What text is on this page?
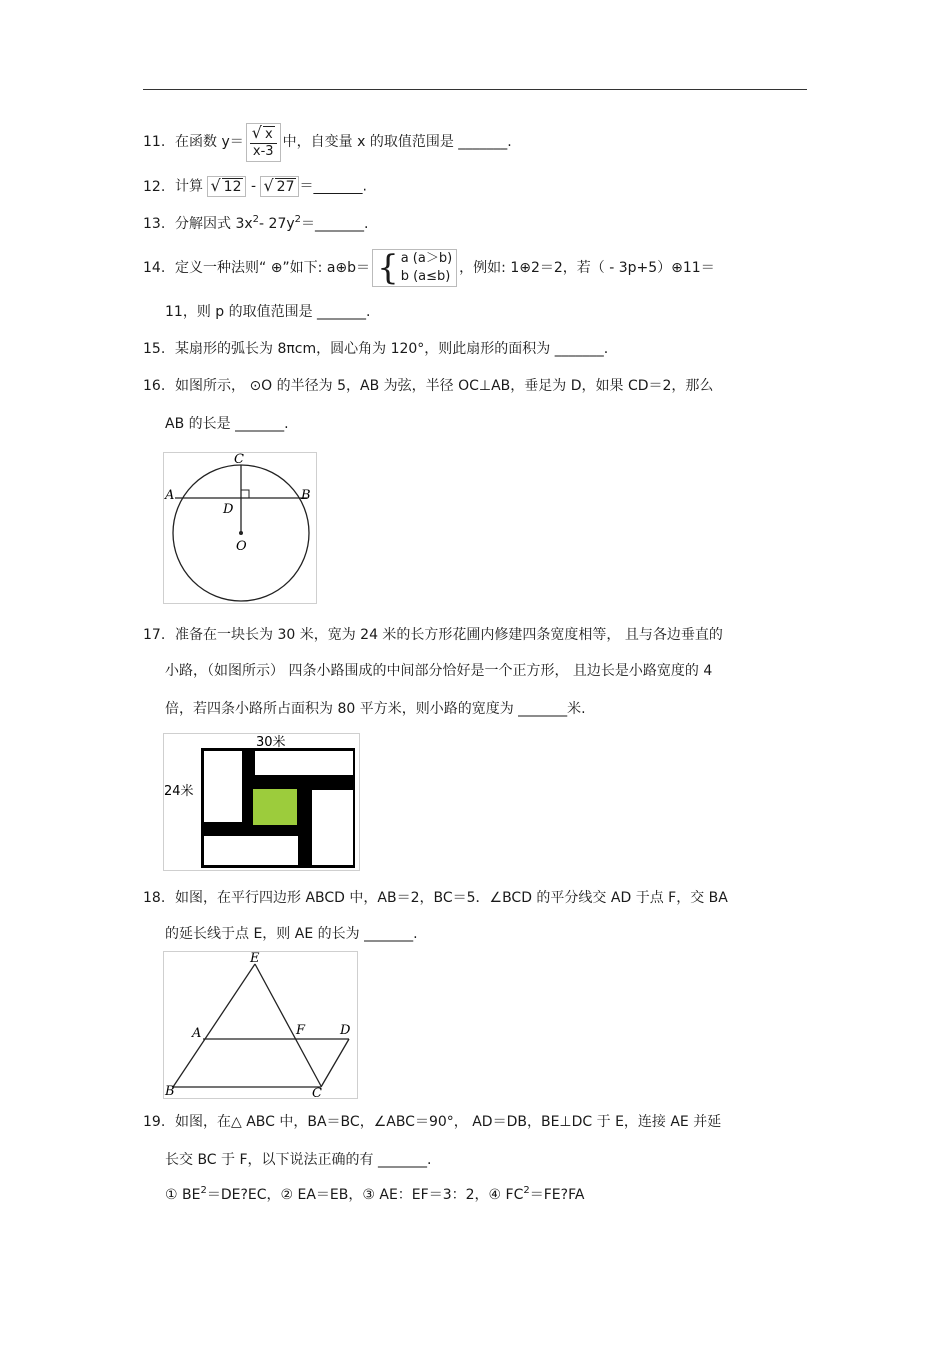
11. 在函数 $y= \frac{√ x}{x-3}$ 中，自变量 x 的取值范围是 _______.
12. 计算 √ 12 - √ 27 ＝_______.
13. 分解因式 $3x^2-$ $27y^2=\_\_\_\_\_\_\_$.
14. 定义一种法则“ ⊕”如下: a⊕b＝ { a (a＞b)
b (a≤b)
，例如: 1⊕2＝2，若（ - 3p+5）⊕11＝
11，则 p 的取值范围是 _______.
15. 某扇形的弧长为 8πcm，圆心角为 120°，则此扇形的面积为 _______.
16. 如图所示， ⊙O 的半径为 5，AB 为弦，半径 OC⊥AB，垂足为 D，如果 CD＝2，那么
AB 的长是 _______.
C
A	B
D
O
17. 准备在一块长为 30 米，宽为 24 米的长方形花圃内修建四条宽度相等， 且与各边垂直的
小路，（如图所示） 四条小路围成的中间部分恰好是一个正方形， 且边长是小路宽度的 4
倍，若四条小路所占面积为 80 平方米，则小路的宽度为 _______米.
30米
24米
18. 如图，在平行四边形 ABCD 中，AB＝2，BC＝5．∠BCD 的平分线交 AD 于点 F，交 BA
的延长线于点 E，则 AE 的长为 _______.
E
A	F	D
B	C
19. 如图，在△ ABC 中，BA＝BC，∠ABC＝90°， AD＝DB，BE⊥DC 于 E，连接 AE 并延
长交 BC 于 F，以下说法正确的有 _______.
① $BE^2=DE?EC$，② EA＝EB，③ AE：EF＝3：2，④ $FC^2=FE?FA$
